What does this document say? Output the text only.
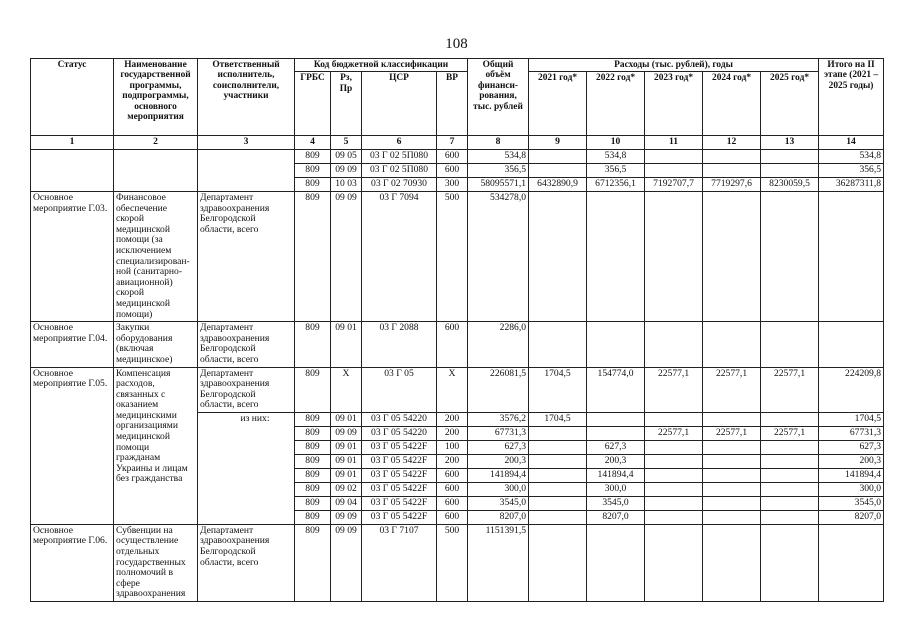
108
Статус	Наименование государственной программы, подпрограммы, основного мероприятия	Ответственный исполнитель, соисполнители, участники	Код бюджетной классификации				Общий объём финанси-рования, тыс. рублей	Расходы (тыс. рублей), годы					Итого на II этапе (2021 – 2025 годы)
			ГРБС	Рз, Пр	ЦСР	ВР		2021 год*	2022 год*	2023 год*	2024 год*	2025 год*	
1	2	3	4	5	6	7	8	9	10	11	12	13	14
			809	09 05	03 Г 02 5П080	600	534,8		534,8				534,8
			809	09 09	03 Г 02 5П080	600	356,5		356,5				356,5
			809	10 03	03 Г 02 70930	300	58095571,1	6432890,9	6712356,1	7192707,7	7719297,6	8230059,5	36287311,8
Основное мероприятие Г.03.	Финансовое обеспечение скорой медицинской помощи (за исключением специализирован-ной (санитарно-авиационной) скорой медицинской помощи)	Департамент здравоохранения Белгородской области, всего	809	09 09	03 Г 7094	500	534278,0						
Основное мероприятие Г.04.	Закупки оборудования (включая медицинское)	Департамент здравоохранения Белгородской области, всего	809	09 01	03 Г 2088	600	2286,0						
Основное мероприятие Г.05.	Компенсация расходов, связанных с оказанием медицинскими организациями медицинской помощи гражданам Украины и лицам без гражданства	Департамент здравоохранения Белгородской области, всего	809	Х	03 Г 05	Х	226081,5	1704,5	154774,0	22577,1	22577,1	22577,1	224209,8
		из них:	809	09 01	03 Г 05 54220	200	3576,2	1704,5					1704,5
			809	09 09	03 Г 05 54220	200	67731,3			22577,1	22577,1	22577,1	67731,3
			809	09 01	03 Г 05 5422F	100	627,3		627,3				627,3
			809	09 01	03 Г 05 5422F	200	200,3		200,3				200,3
			809	09 01	03 Г 05 5422F	600	141894,4		141894,4				141894,4
			809	09 02	03 Г 05 5422F	600	300,0		300,0				300,0
			809	09 04	03 Г 05 5422F	600	3545,0		3545,0				3545,0
			809	09 09	03 Г 05 5422F	600	8207,0		8207,0				8207,0
Основное мероприятие Г.06.	Субвенции на осуществление отдельных государственных полномочий в сфере здравоохранения	Департамент здравоохранения Белгородской области, всего	809	09 09	03 Г 7107	500	1151391,5						
